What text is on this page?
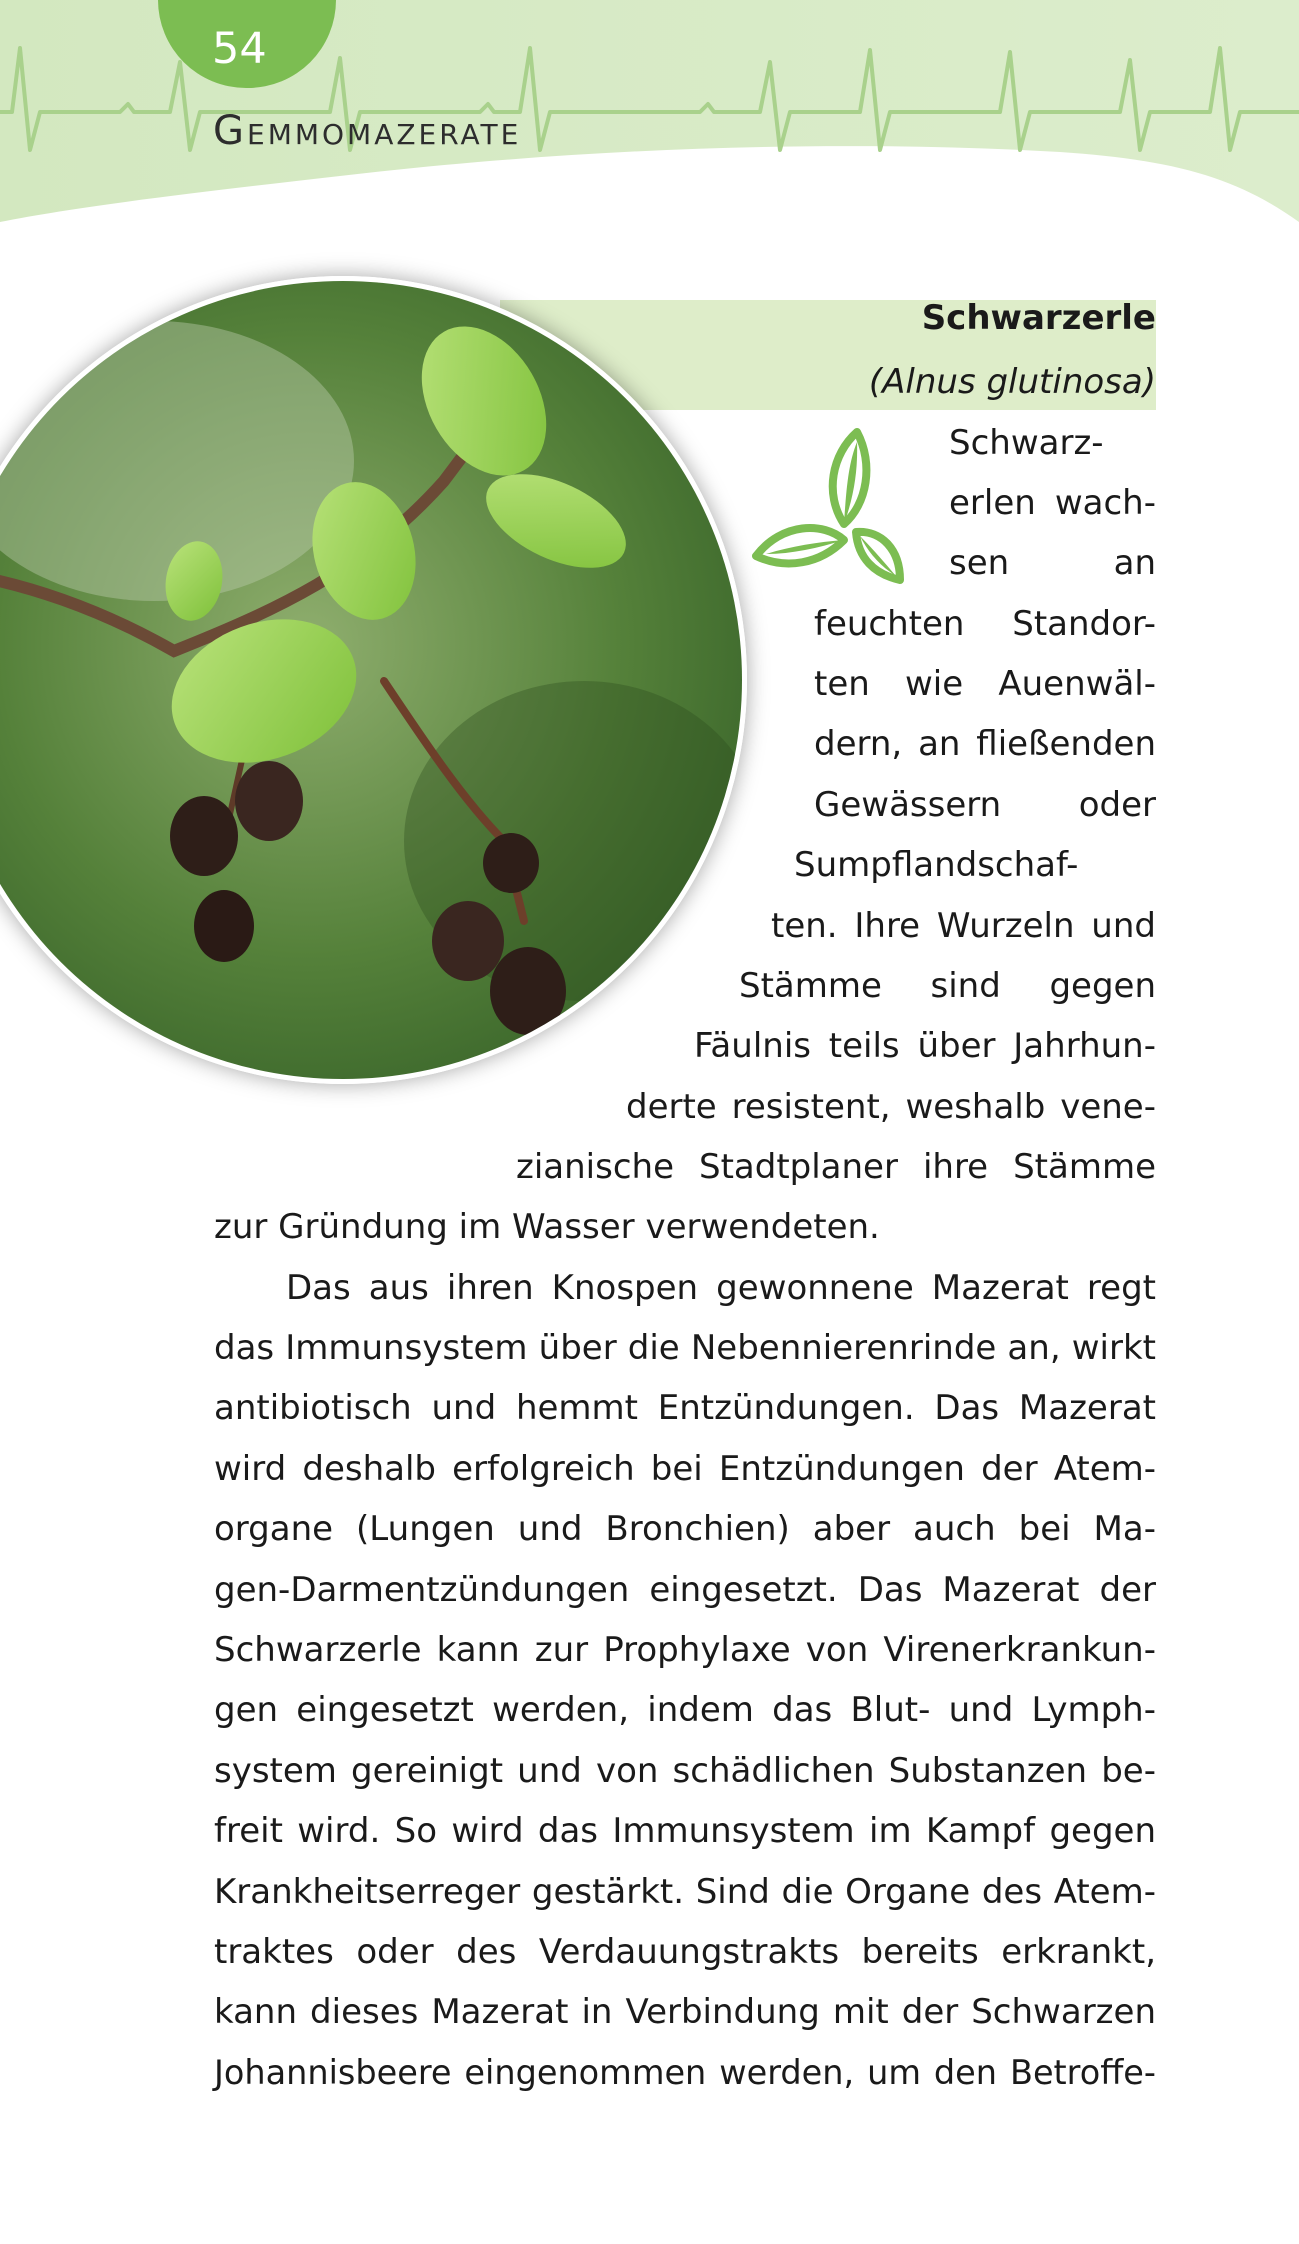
54
Gemmomazerate
Schwarzerle
(Alnus glutinosa)
Schwarz-
erlen wach-
sen an
feuchten Standor-
ten wie Auenwäl-
dern, an fließenden
Gewässern oder
Sumpflandschaf-
ten. Ihre Wurzeln und
Stämme sind gegen
Fäulnis teils über Jahrhun-
derte resistent, weshalb vene-
zianische Stadtplaner ihre Stämme
zur Gründung im Wasser verwendeten.
Das aus ihren Knospen gewonnene Mazerat regt
das Immunsystem über die Nebennierenrinde an, wirkt
antibiotisch und hemmt Entzündungen. Das Mazerat
wird deshalb erfolgreich bei Entzündungen der Atem-
organe (Lungen und Bronchien) aber auch bei Ma-
gen-Darmentzündungen eingesetzt. Das Mazerat der
Schwarzerle kann zur Prophylaxe von Virenerkrankun-
gen eingesetzt werden, indem das Blut- und Lymph-
system gereinigt und von schädlichen Substanzen be-
freit wird. So wird das Immunsystem im Kampf gegen
Krankheitserreger gestärkt. Sind die Organe des Atem-
traktes oder des Verdauungstrakts bereits erkrankt,
kann dieses Mazerat in Verbindung mit der Schwarzen
Johannisbeere eingenommen werden, um den Betroffe-
